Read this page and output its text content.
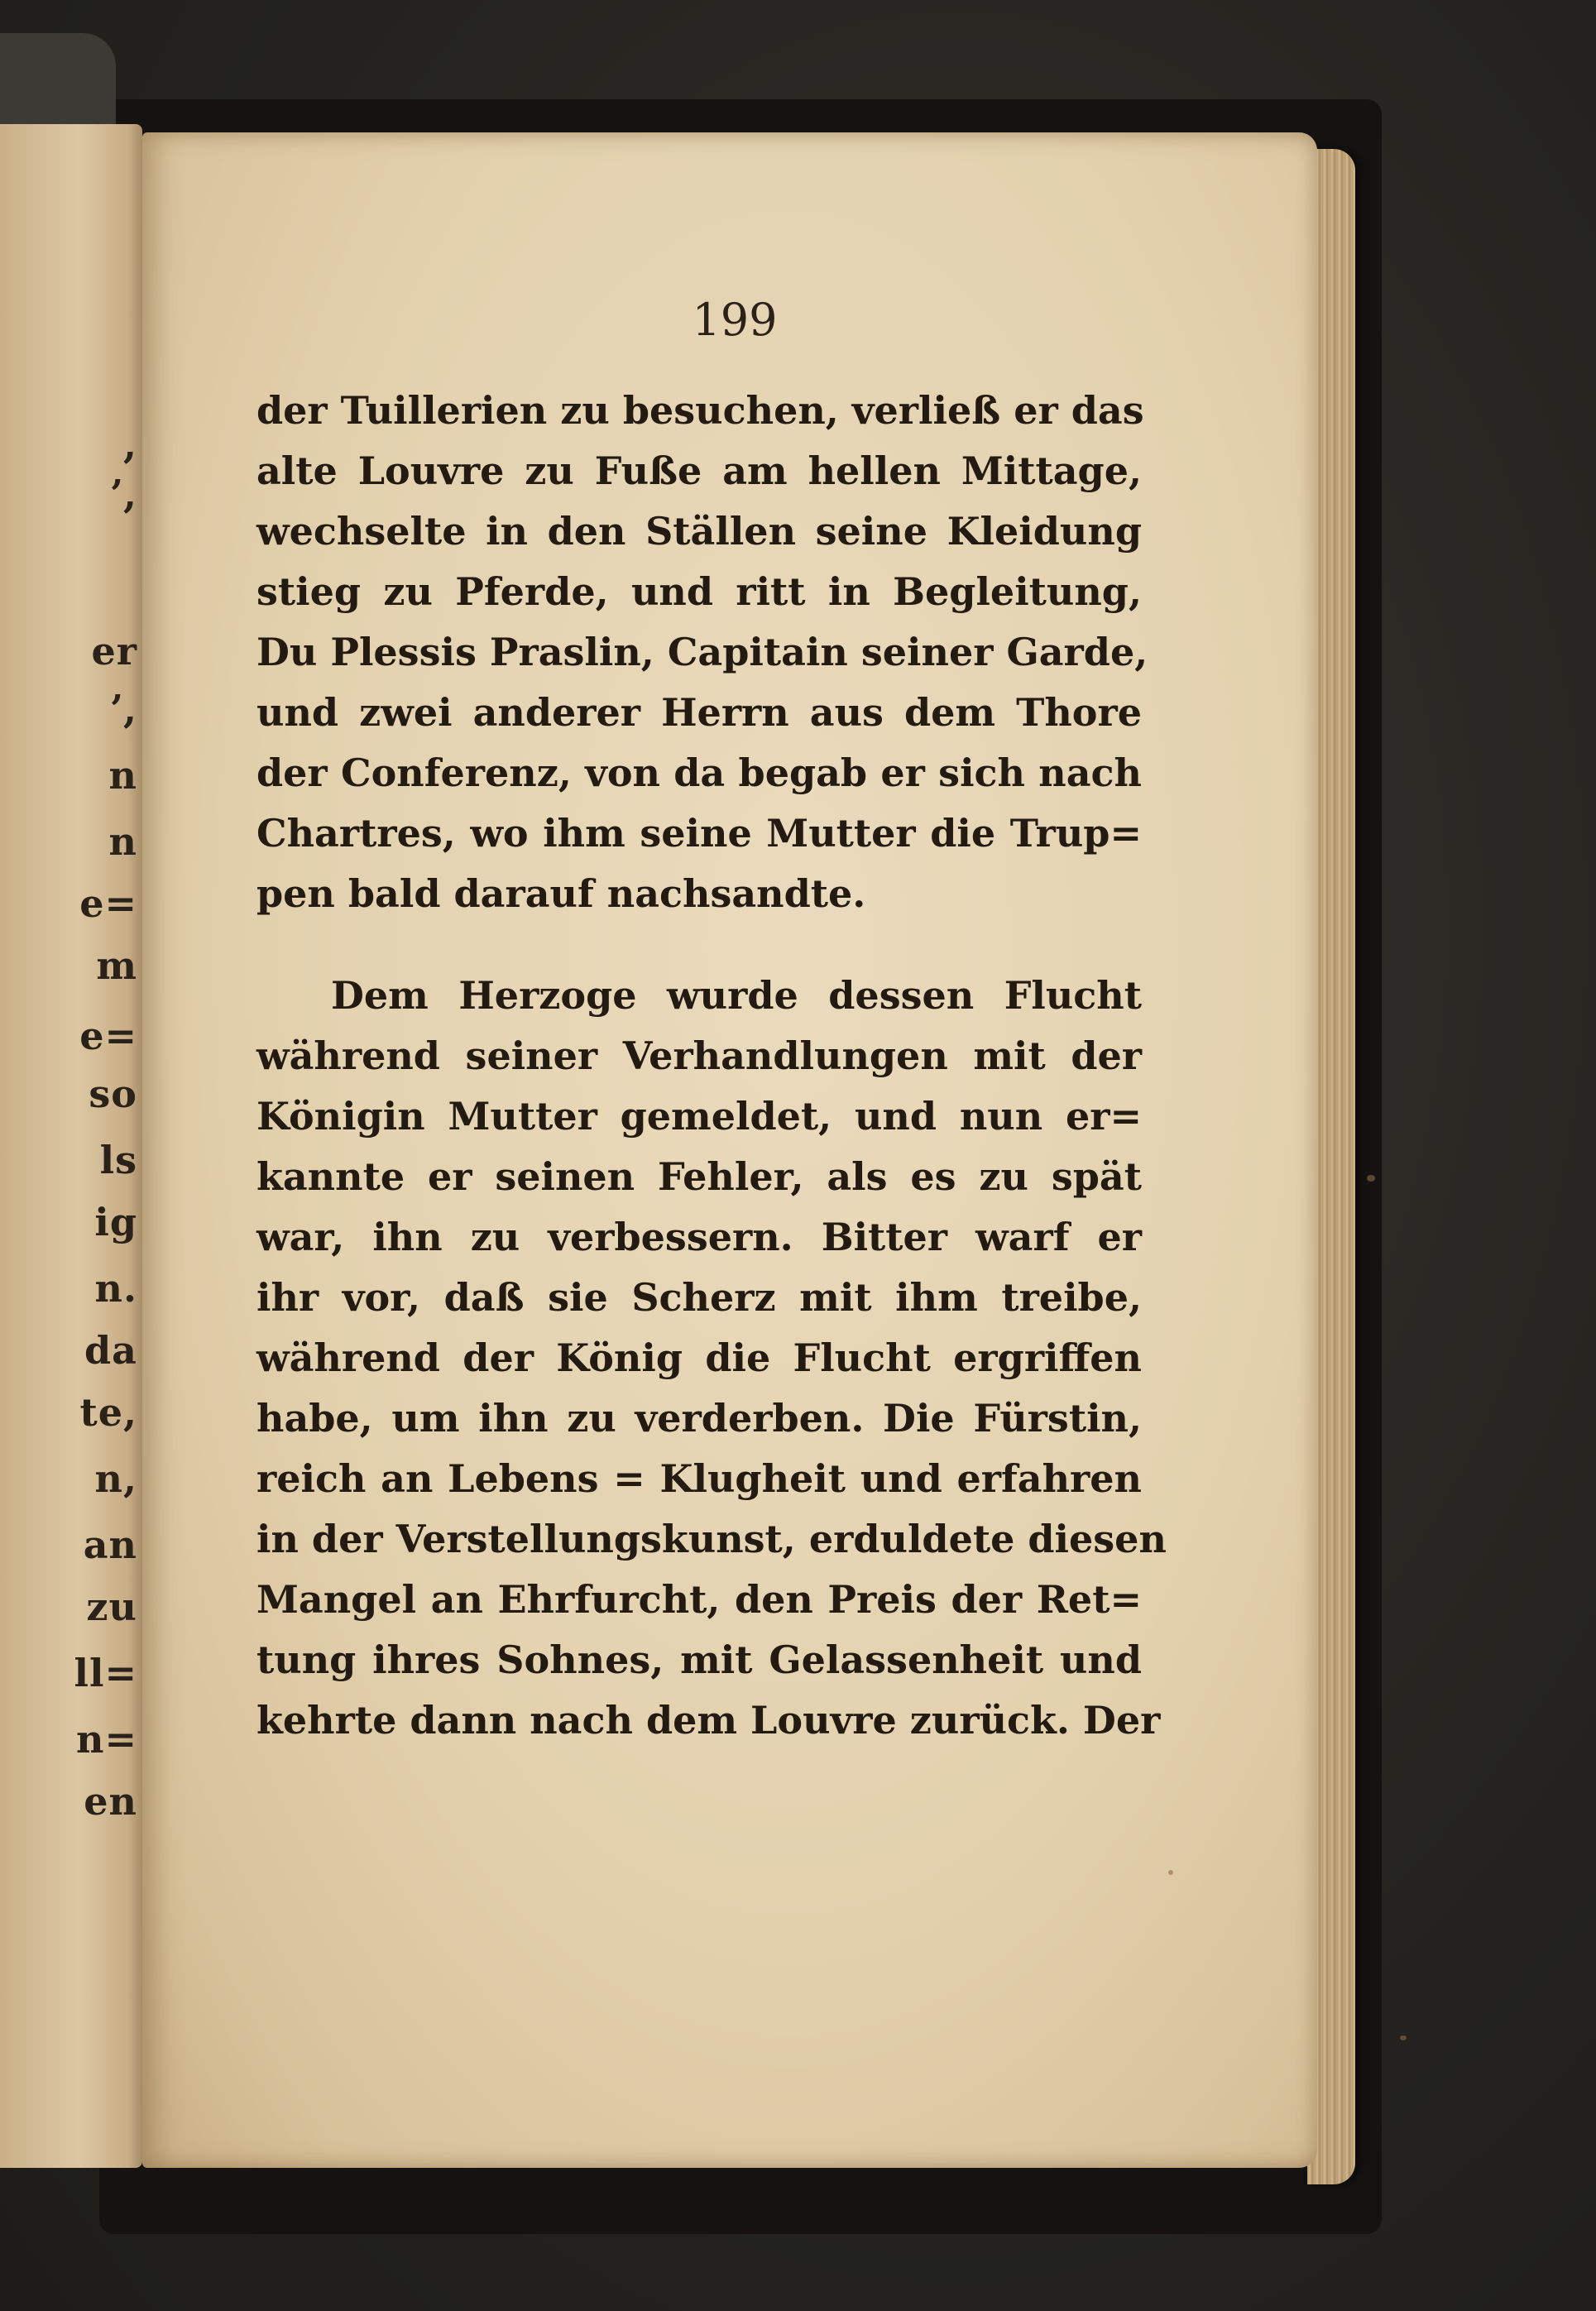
,
ʼ,
er
ʼ,
n
n
e=
m
e=
so
ls
ig
n.
da
te,
n,
an
zu
ll=
n=
en
199
der Tuillerien zu besuchen, verließ er das
alte Louvre zu Fuße am hellen Mittage,
wechselte in den Ställen seine Kleidung
stieg zu Pferde, und ritt in Begleitung,
Du Plessis Praslin, Capitain seiner Garde,
und zwei anderer Herrn aus dem Thore
der Conferenz, von da begab er sich nach
Chartres, wo ihm seine Mutter die Trup=
pen bald darauf nachsandte.
Dem Herzoge wurde dessen Flucht
während seiner Verhandlungen mit der
Königin Mutter gemeldet, und nun er=
kannte er seinen Fehler, als es zu spät
war, ihn zu verbessern. Bitter warf er
ihr vor, daß sie Scherz mit ihm treibe,
während der König die Flucht ergriffen
habe, um ihn zu verderben. Die Fürstin,
reich an Lebens = Klugheit und erfahren
in der Verstellungskunst, erduldete diesen
Mangel an Ehrfurcht, den Preis der Ret=
tung ihres Sohnes, mit Gelassenheit und
kehrte dann nach dem Louvre zurück. Der
